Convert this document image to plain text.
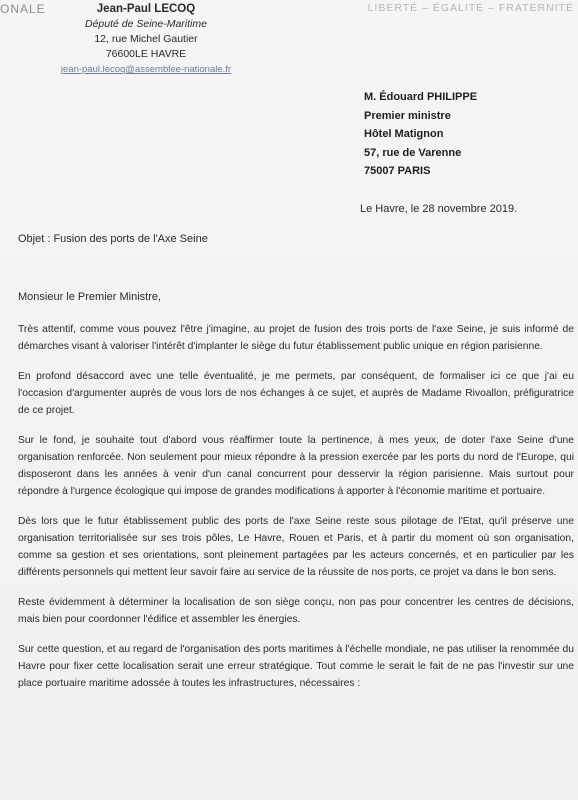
ONALE	LIBERTÉ – ÉGALITÉ – FRATERNITÉ
Jean-Paul LECOQ
Député de Seine-Maritime
12, rue Michel Gautier
76600LE HAVRE
jean-paul.lecoq@assemblee-nationale.fr
M. Édouard PHILIPPE
Premier ministre
Hôtel Matignon
57, rue de Varenne
75007 PARIS
Le Havre, le 28 novembre 2019.
Objet : Fusion des ports de l'Axe Seine
Monsieur le Premier Ministre,

Très attentif, comme vous pouvez l'être j'imagine, au projet de fusion des trois ports de l'axe Seine, je suis informé de démarches visant à valoriser l'intérêt d'implanter le siège du futur établissement public unique en région parisienne.

En profond désaccord avec une telle éventualité, je me permets, par conséquent, de formaliser ici ce que j'ai eu l'occasion d'argumenter auprès de vous lors de nos échanges à ce sujet, et auprès de Madame Rivoallon, préfiguratrice de ce projet.

Sur le fond, je souhaite tout d'abord vous réaffirmer toute la pertinence, à mes yeux, de doter l'axe Seine d'une organisation renforcée. Non seulement pour mieux répondre à la pression exercée par les ports du nord de l'Europe, qui disposeront dans les années à venir d'un canal concurrent pour desservir la région parisienne. Mais surtout pour répondre à l'urgence écologique qui impose de grandes modifications à apporter à l'économie maritime et portuaire.

Dès lors que le futur établissement public des ports de l'axe Seine reste sous pilotage de l'Etat, qu'il préserve une organisation territorialisée sur ses trois pôles, Le Havre, Rouen et Paris, et à partir du moment où son organisation, comme sa gestion et ses orientations, sont pleinement partagées par les acteurs concernés, et en particulier par les différents personnels qui mettent leur savoir faire au service de la réussite de nos ports, ce projet va dans le bon sens.

Reste évidemment à déterminer la localisation de son siège conçu, non pas pour concentrer les centres de décisions, mais bien pour coordonner l'édifice et assembler les énergies.

Sur cette question, et au regard de l'organisation des ports maritimes à l'échelle mondiale, ne pas utiliser la renommée du Havre pour fixer cette localisation serait une erreur stratégique. Tout comme le serait le fait de ne pas l'investir sur une place portuaire maritime adossée à toutes les infrastructures, nécessaires :
